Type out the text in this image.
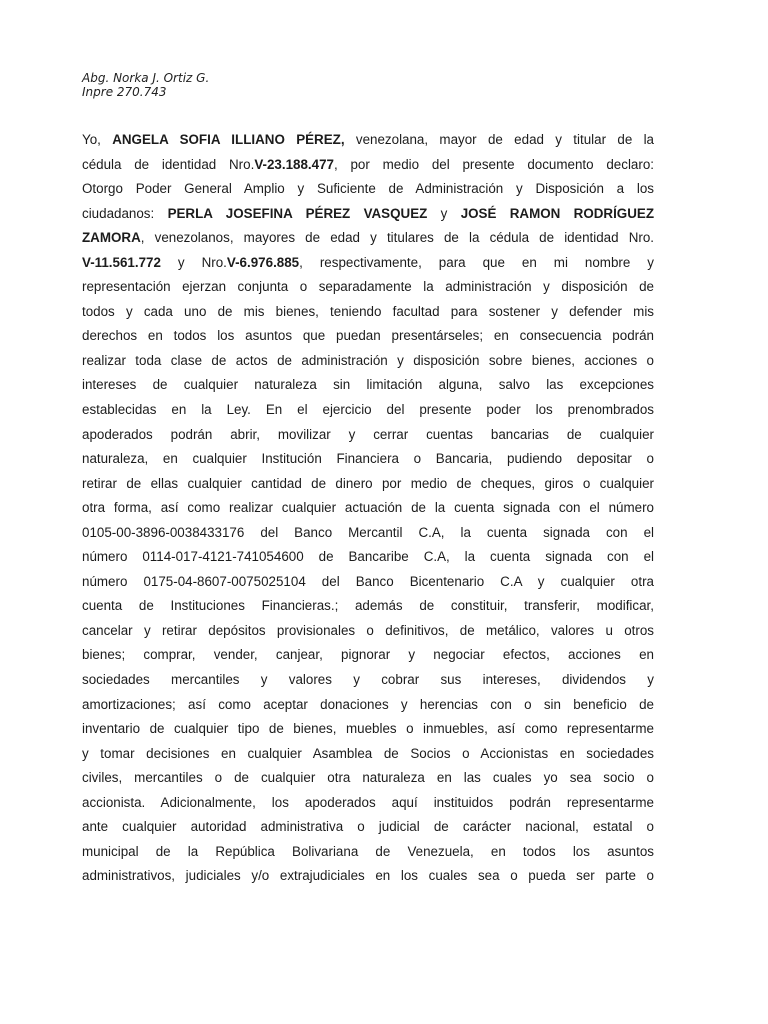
Abg. Norka J. Ortiz G.
Inpre 270.743
Yo, ANGELA SOFIA ILLIANO PÉREZ, venezolana, mayor de edad y titular de la
cédula de identidad Nro.V-23.188.477, por medio del presente documento declaro:
Otorgo Poder General Amplio y Suficiente de Administración y Disposición a los
ciudadanos: PERLA JOSEFINA PÉREZ VASQUEZ y JOSÉ RAMON RODRÍGUEZ
ZAMORA, venezolanos, mayores de edad y titulares de la cédula de identidad Nro.
V-11.561.772 y Nro.V-6.976.885, respectivamente, para que en mi nombre y
representación ejerzan conjunta o separadamente la administración y disposición de
todos y cada uno de mis bienes, teniendo facultad para sostener y defender mis
derechos en todos los asuntos que puedan presentárseles; en consecuencia podrán
realizar toda clase de actos de administración y disposición sobre bienes, acciones o
intereses de cualquier naturaleza sin limitación alguna, salvo las excepciones
establecidas en la Ley. En el ejercicio del presente poder los prenombrados
apoderados podrán abrir, movilizar y cerrar cuentas bancarias de cualquier
naturaleza, en cualquier Institución Financiera o Bancaria, pudiendo depositar o
retirar de ellas cualquier cantidad de dinero por medio de cheques, giros o cualquier
otra forma, así como realizar cualquier actuación de la cuenta signada con el número
0105-00-3896-0038433176 del Banco Mercantil C.A, la cuenta signada con el
número 0114-017-4121-741054600 de Bancaribe C.A, la cuenta signada con el
número 0175-04-8607-0075025104 del Banco Bicentenario C.A y cualquier otra
cuenta de Instituciones Financieras.; además de constituir, transferir, modificar,
cancelar y retirar depósitos provisionales o definitivos, de metálico, valores u otros
bienes; comprar, vender, canjear, pignorar y negociar efectos, acciones en
sociedades mercantiles y valores y cobrar sus intereses, dividendos y
amortizaciones; así como aceptar donaciones y herencias con o sin beneficio de
inventario de cualquier tipo de bienes, muebles o inmuebles, así como representarme
y tomar decisiones en cualquier Asamblea de Socios o Accionistas en sociedades
civiles, mercantiles o de cualquier otra naturaleza en las cuales yo sea socio o
accionista. Adicionalmente, los apoderados aquí instituidos podrán representarme
ante cualquier autoridad administrativa o judicial de carácter nacional, estatal o
municipal de la República Bolivariana de Venezuela, en todos los asuntos
administrativos, judiciales y/o extrajudiciales en los cuales sea o pueda ser parte o
